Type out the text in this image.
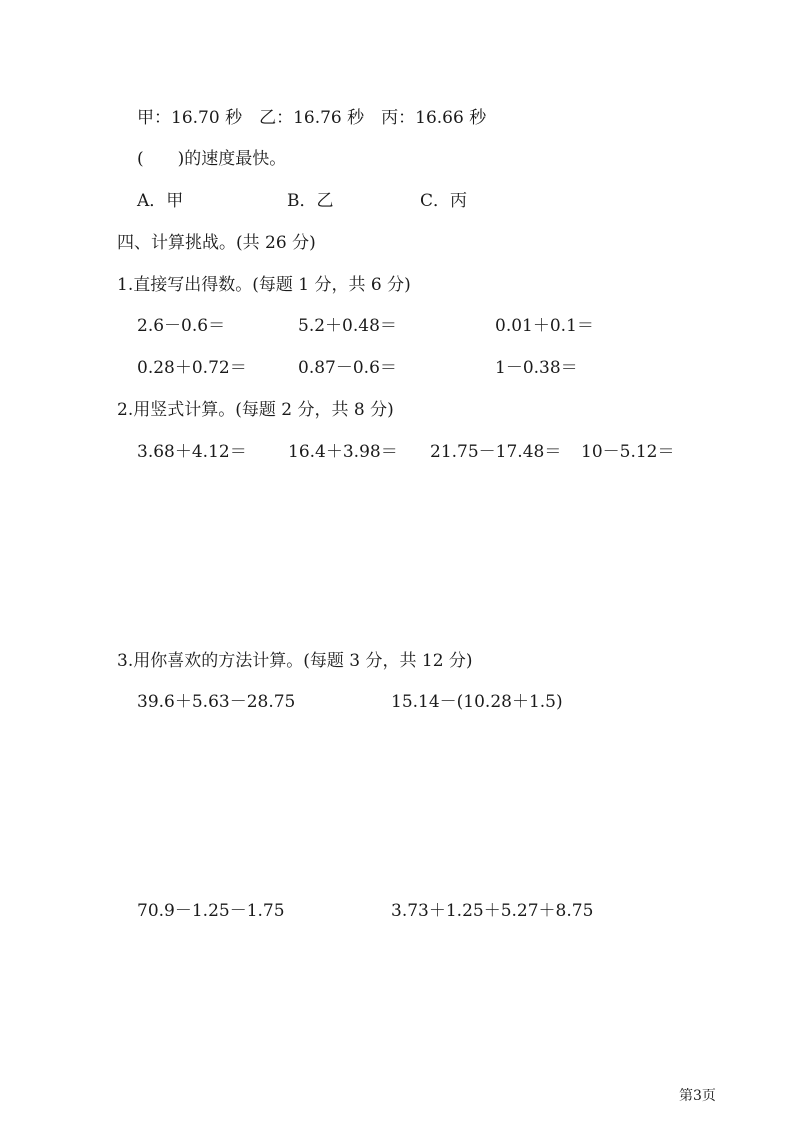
甲：16.70 秒　乙：16.76 秒　丙：16.66 秒
(　　)的速度最快。
A．甲	B．乙	C．丙
四、计算挑战。(共 26 分)
1.直接写出得数。(每题 1 分，共 6 分)
2.6－0.6＝	5.2＋0.48＝	0.01＋0.1＝
0.28＋0.72＝	0.87－0.6＝	1－0.38＝
2.用竖式计算。(每题 2 分，共 8 分)
3.68＋4.12＝ 16.4＋3.98＝ 21.75－17.48＝ 10－5.12＝
3.用你喜欢的方法计算。(每题 3 分，共 12 分)
39.6＋5.63－28.75	15.14－(10.28＋1.5)
70.9－1.25－1.75	3.73＋1.25＋5.27＋8.75
第3页
